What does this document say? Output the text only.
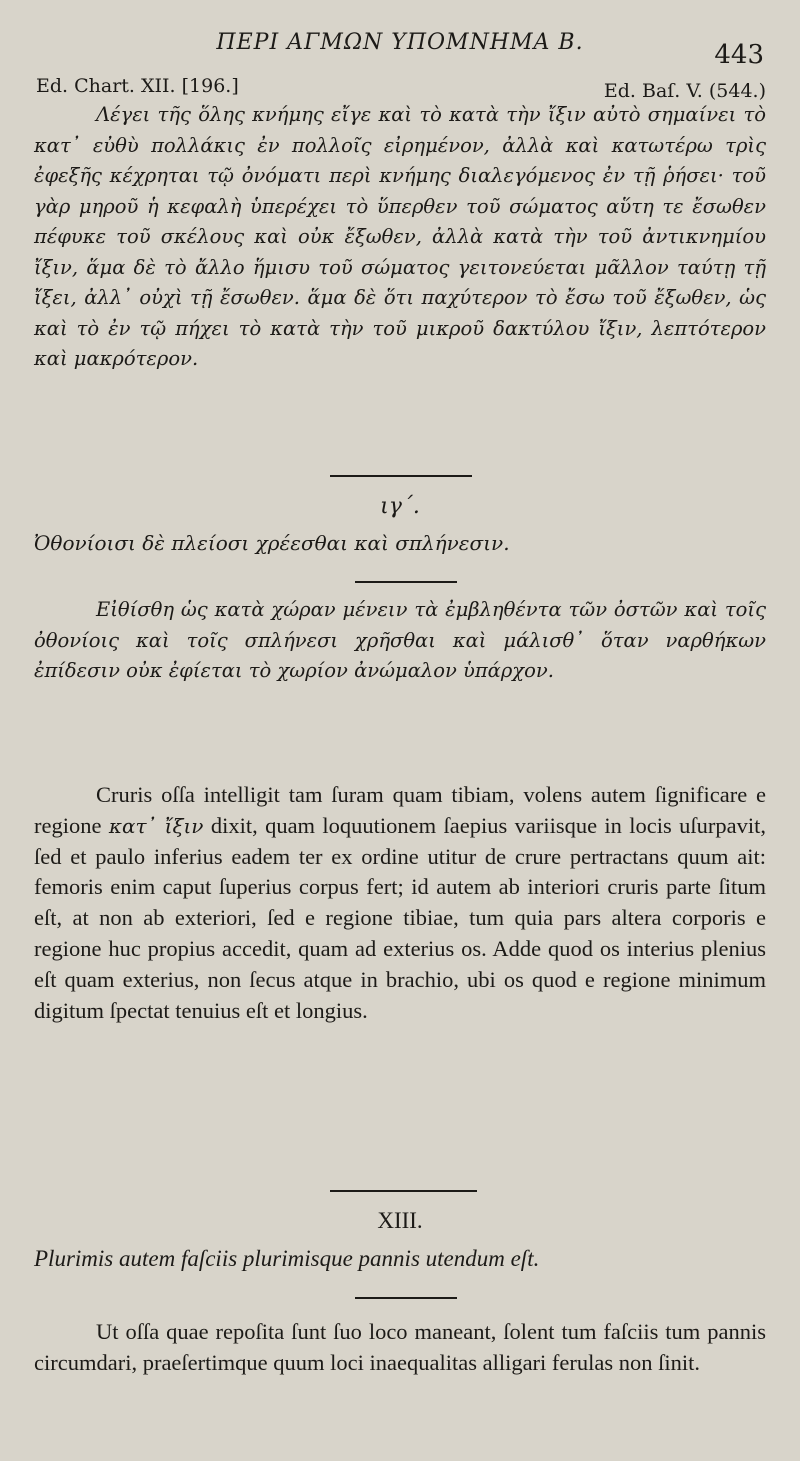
ΠΕΡΙ ΑΓΜΩΝ ΥΠΟΜΝΗΜΑ Β.	443
Ed. Chart. XII. [196.]	Ed. Baſ. V. (544.)

Λέγει τῆς ὅλης κνήμης εἴγε καὶ τὸ κατὰ τὴν ἴξιν αὐτὸ σημαίνει τὸ κατ᾽ εὐθὺ πολλάκις ἐν πολλοῖς εἰρημένον, ἀλλὰ καὶ κατωτέρω τρὶς ἐφεξῆς κέχρηται τῷ ὀνόματι περὶ κνήμης διαλεγόμενος ἐν τῇ ῥήσει· τοῦ γὰρ μηροῦ ἡ κεφαλὴ ὑπερέχει τὸ ὕπερθεν τοῦ σώματος αὕτη τε ἔσωθεν πέφυκε τοῦ σκέλους καὶ οὐκ ἔξωθεν, ἀλλὰ κατὰ τὴν τοῦ ἀντικνημίου ἴξιν, ἅμα δὲ τὸ ἄλλο ἥμισυ τοῦ σώματος γειτονεύεται μᾶλλον ταύτῃ τῇ ἴξει, ἀλλ᾽ οὐχὶ τῇ ἔσωθεν. ἅμα δὲ ὅτι παχύτερον τὸ ἔσω τοῦ ἔξωθεν, ὡς καὶ τὸ ἐν τῷ πήχει τὸ κατὰ τὴν τοῦ μικροῦ δακτύλου ἴξιν, λεπτότερον καὶ μακρότερον.

ιγ΄.
Ὀθονίοισι δὲ πλείοσι χρέεσθαι καὶ σπλήνεσιν.

Εἰθίσθη ὡς κατὰ χώραν μένειν τὰ ἐμβληθέντα τῶν ὀστῶν καὶ τοῖς ὀθονίοις καὶ τοῖς σπλήνεσι χρῆσθαι καὶ μάλισθ᾽ ὅταν ναρθήκων ἐπίδεσιν οὐκ ἐφίεται τὸ χωρίον ἀνώμαλον ὑπάρχον.

Cruris oſſa intelligit tam ſuram quam tibiam, volens autem ſignificare e regione κατ᾽ ἴξιν dixit, quam loquutionem ſaepius variisque in locis uſurpavit, ſed et paulo inferius eadem ter ex ordine utitur de crure pertractans quum ait: femoris enim caput ſuperius corpus fert; id autem ab interiori cruris parte ſitum eſt, at non ab exteriori, ſed e regione tibiae, tum quia pars altera corporis e regione huc propius accedit, quam ad exterius os. Adde quod os interius plenius eſt quam exterius, non ſecus atque in brachio, ubi os quod e regione minimum digitum ſpectat tenuius eſt et longius.

XIII.
Plurimis autem faſciis plurimisque pannis utendum eſt.

Ut oſſa quae repoſita ſunt ſuo loco maneant, ſolent tum faſciis tum pannis circumdari, praeſertimque quum loci inaequalitas alligari ferulas non ſinit.
